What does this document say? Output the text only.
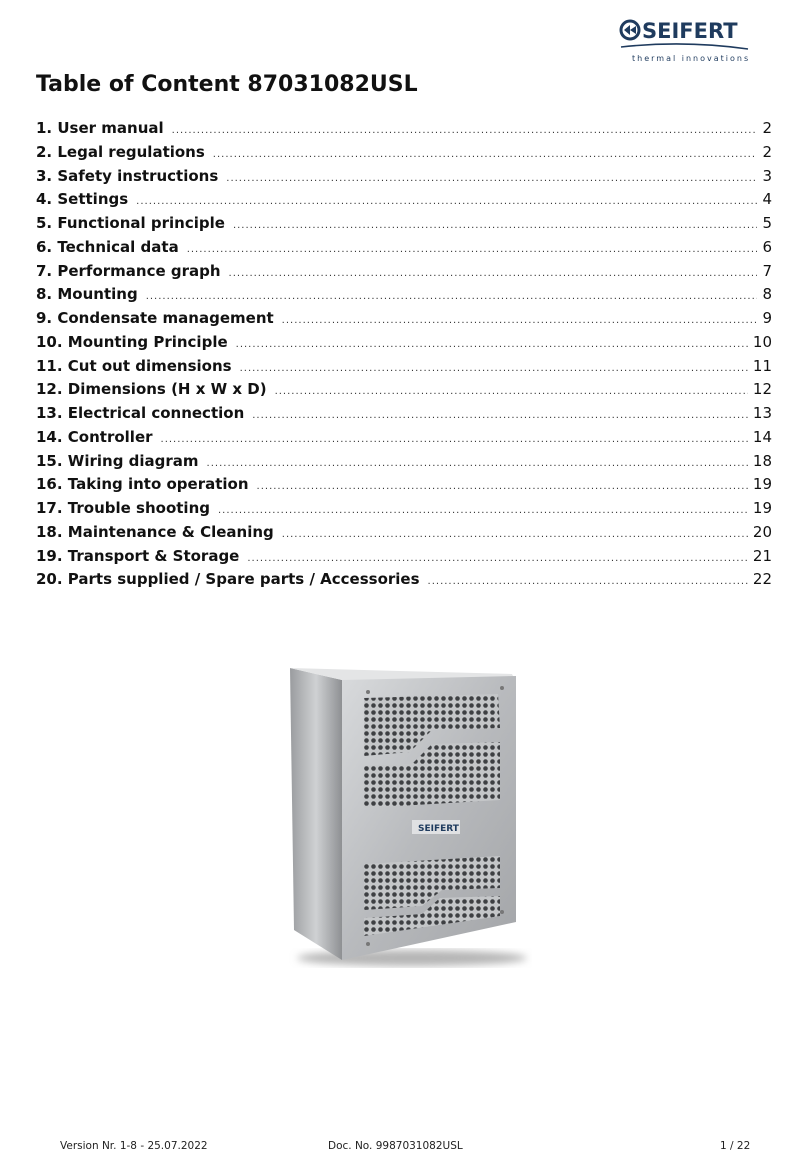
SEIFERT
thermal innovations
Table of Content 87031082USL
1. User manual .....	2
2. Legal regulations .....	2
3. Safety instructions .....	3
4. Settings .....	4
5. Functional principle .....	5
6. Technical data .....	6
7. Performance graph .....	7
8. Mounting .....	8
9. Condensate management .....	9
10. Mounting Principle .....	10
11. Cut out dimensions .....	11
12. Dimensions (H x W x D) .....	12
13. Electrical connection .....	13
14. Controller .....	14
15. Wiring diagram .....	18
16. Taking into operation .....	19
17. Trouble shooting .....	19
18. Maintenance & Cleaning .....	20
19. Transport & Storage .....	21
20. Parts supplied / Spare parts / Accessories .....	22
SEIFERT
Version Nr. 1-8 - 25.07.2022	Doc. No. 9987031082USL	1 / 22
